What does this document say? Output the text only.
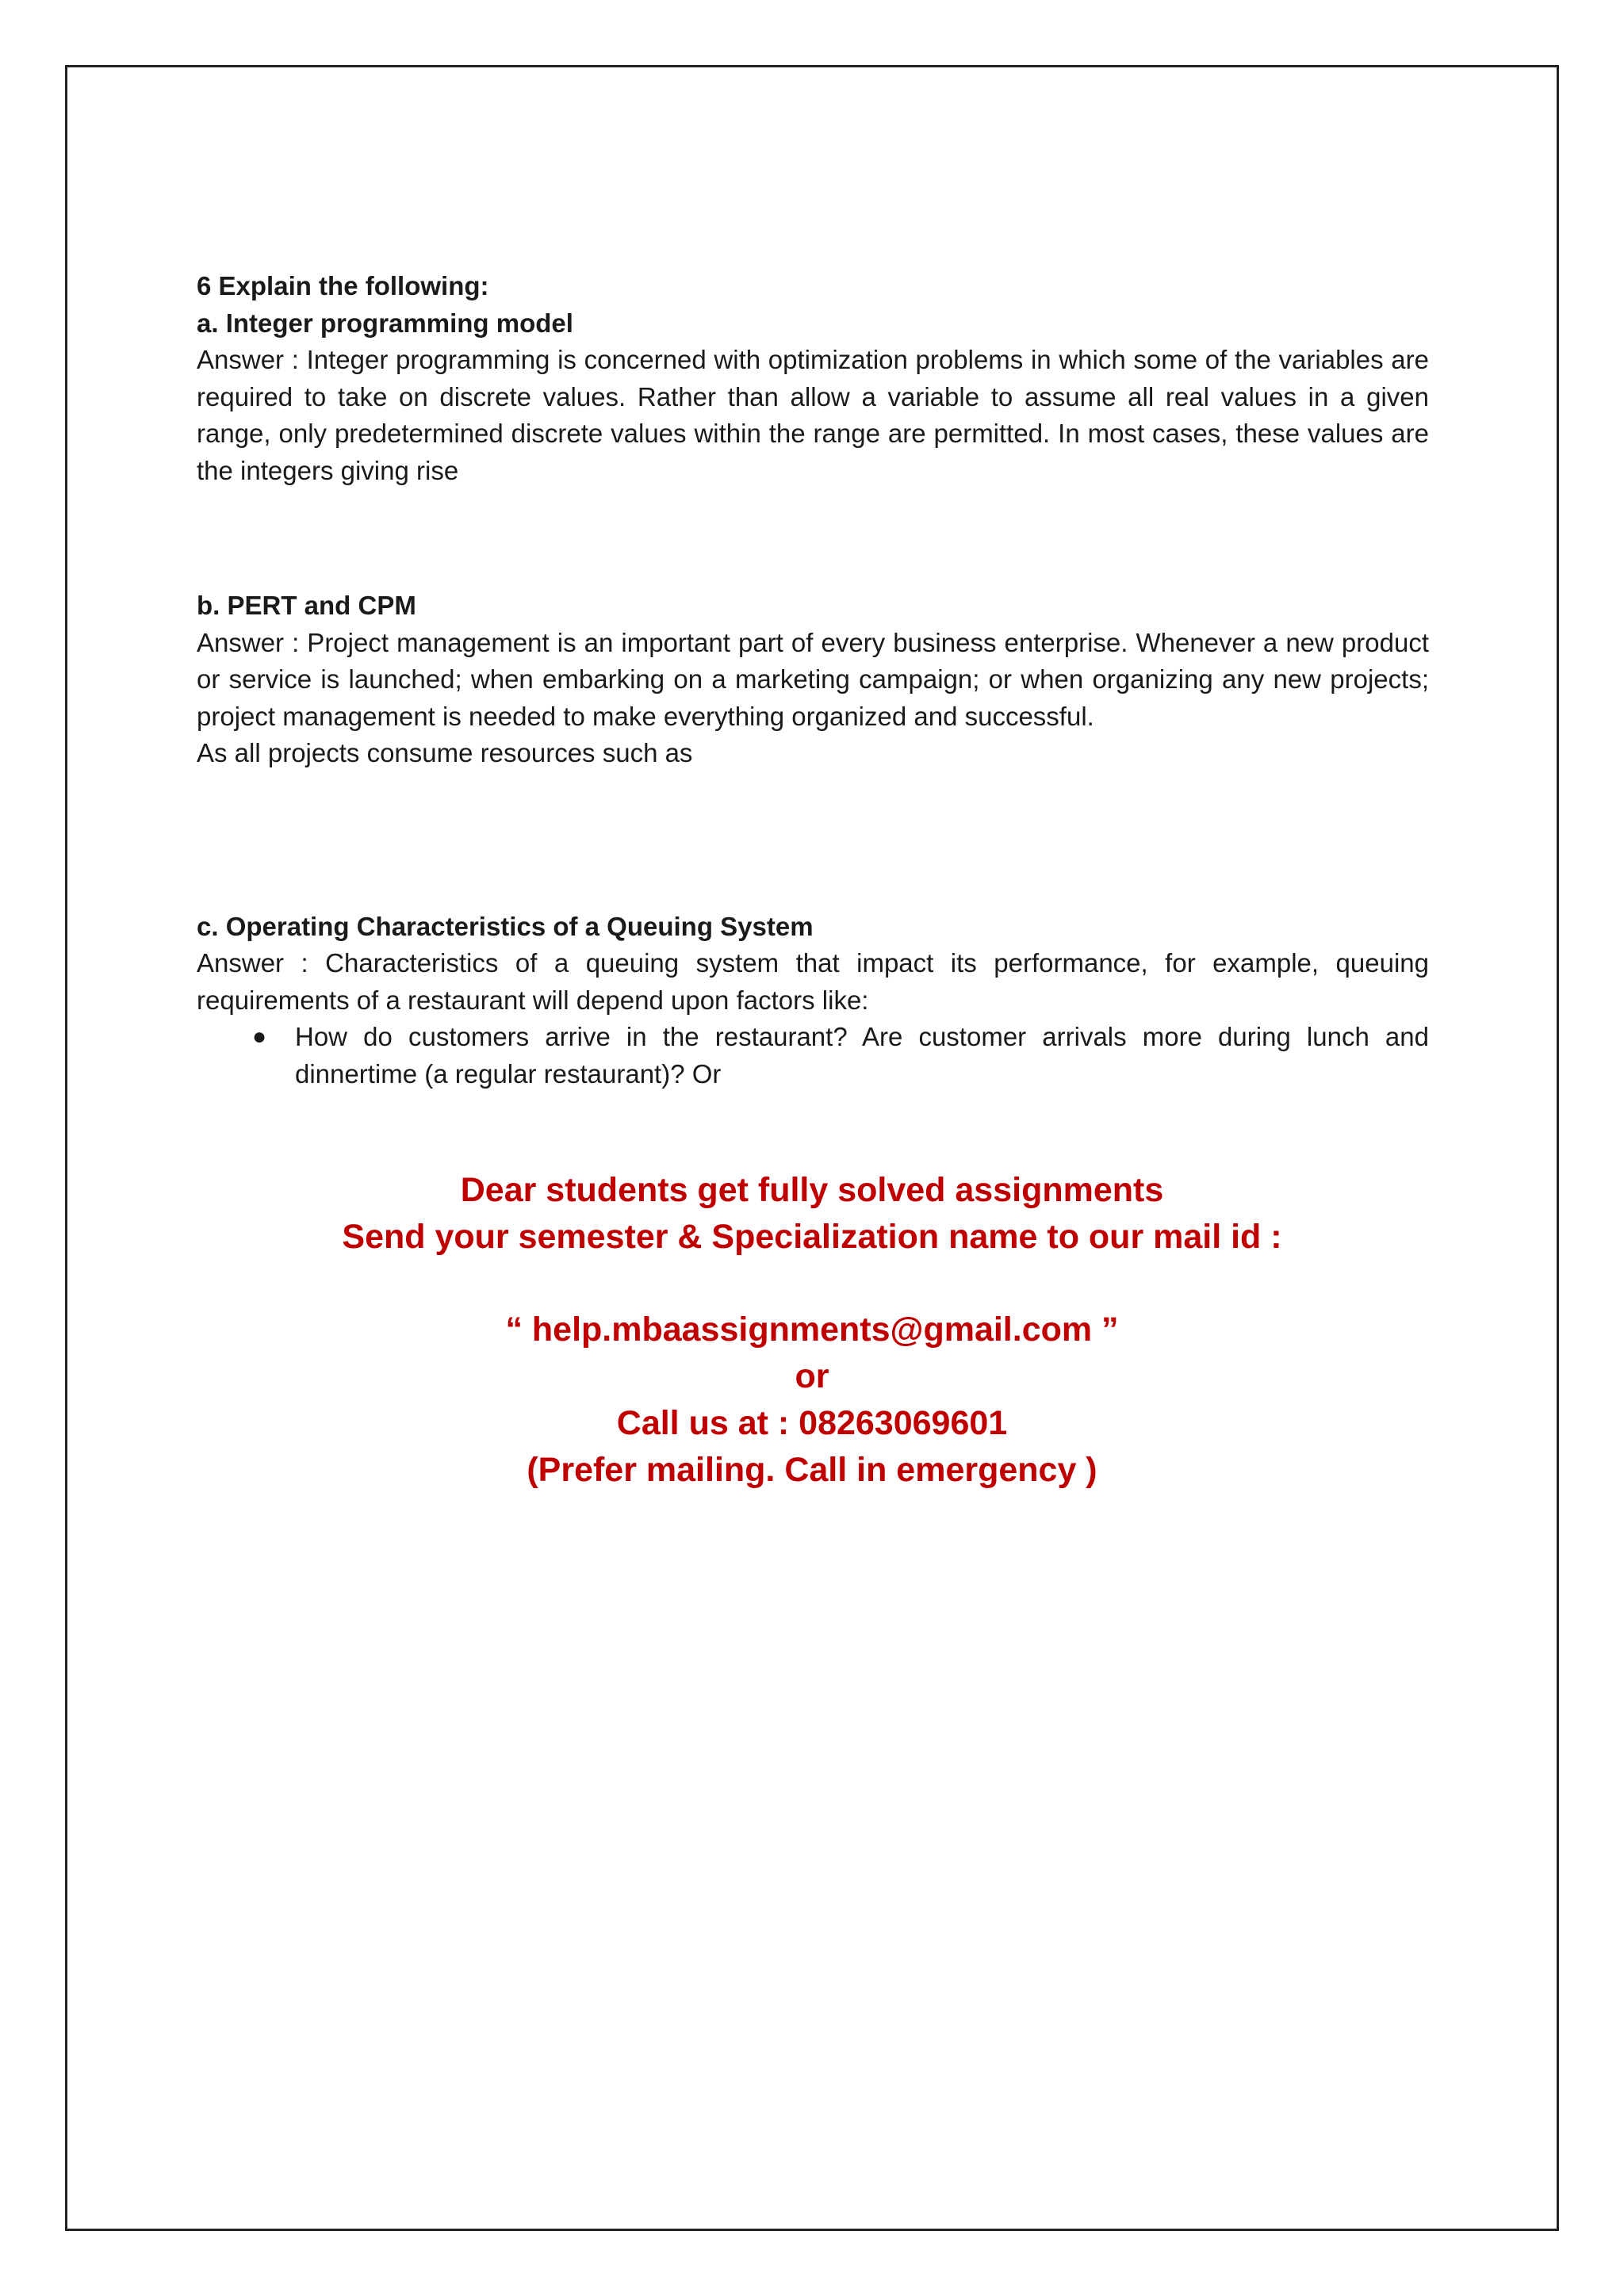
6 Explain the following:

a. Integer programming model

Answer : Integer programming is concerned with optimization problems in which some of the variables are required to take on discrete values. Rather than allow a variable to assume all real values in a given range, only predetermined discrete values within the range are permitted. In most cases, these values are the integers giving rise

b. PERT and CPM

Answer : Project management is an important part of every business enterprise. Whenever a new product or service is launched; when embarking on a marketing campaign; or when organizing any new projects; project management is needed to make everything organized and successful.

As all projects consume resources such as

c. Operating Characteristics of a Queuing System

Answer : Characteristics of a queuing system that impact its performance, for example, queuing requirements of a restaurant will depend upon factors like:

● How do customers arrive in the restaurant? Are customer arrivals more during lunch and dinnertime (a regular restaurant)? Or
Dear students get fully solved assignments
Send your semester & Specialization name to our mail id :
“ help.mbaassignments@gmail.com ”
or
Call us at : 08263069601
(Prefer mailing. Call in emergency )
